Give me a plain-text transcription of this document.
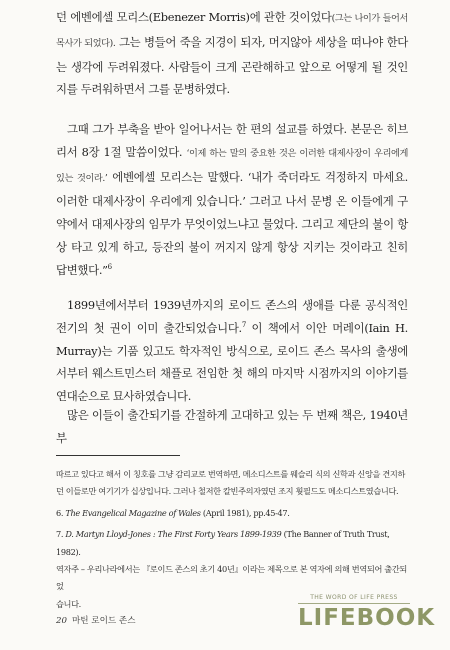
던 에벤에셀 모리스(Ebenezer Morris)에 관한 것이었다(그는 나이가 들어서 목사가 되었다). 그는 병들어 죽을 지경이 되자, 머지않아 세상을 떠나야 한다는 생각에 두려워졌다. 사람들이 크게 곤란해하고 앞으로 어떻게 될 것인지를 두려워하면서 그를 문병하였다.

그때 그가 부축을 받아 일어나서는 한 편의 설교를 하였다. 본문은 히브리서 8장 1절 말씀이었다. ‘이제 하는 말의 중요한 것은 이러한 대제사장이 우리에게 있는 것이라.’ 에벤에셀 모리스는 말했다. ‘내가 죽더라도 걱정하지 마세요. 이러한 대제사장이 우리에게 있습니다.’ 그러고 나서 문병 온 이들에게 구약에서 대제사장의 임무가 무엇이었느냐고 물었다. 그리고 제단의 불이 항상 타고 있게 하고, 등잔의 불이 꺼지지 않게 항상 지키는 것이라고 친히 답변했다.”$^6$

1899년에서부터 1939년까지의 로이드 존스의 생애를 다룬 공식적인 전기의 첫 권이 이미 출간되었습니다.$^7$ 이 책에서 이안 머레이(Iain H. Murray)는 기품 있고도 학자적인 방식으로, 로이드 존스 목사의 출생에서부터 웨스트민스터 채플로 전임한 첫 해의 마지막 시점까지의 이야기를 연대순으로 묘사하였습니다.

많은 이들이 출간되기를 간절하게 고대하고 있는 두 번째 책은, 1940년부

따르고 있다고 해서 이 칭호를 그냥 감리교로 번역하면, 메소디스트를 웨슬리 식의 신학과 신앙을 견지하

던 이들로만 여기기가 십상입니다. 그러나 철저한 칼빈주의자였던 조지 휫필드도 메소디스트였습니다.

6. The Evangelical Magazine of Wales (April 1981), pp.45-47.

7. D. Martyn Lloyd-Jones : The First Forty Years 1899-1939 (The Banner of Truth Trust, 1982).

역자주 – 우리나라에서는 『로이드 존스의 초기 40년』이라는 제목으로 본 역자에 의해 번역되어 출간되었

습니다.

20 마틴 로이드 존스
THE WORD OF LIFE PRESS
LIFEBOOK
